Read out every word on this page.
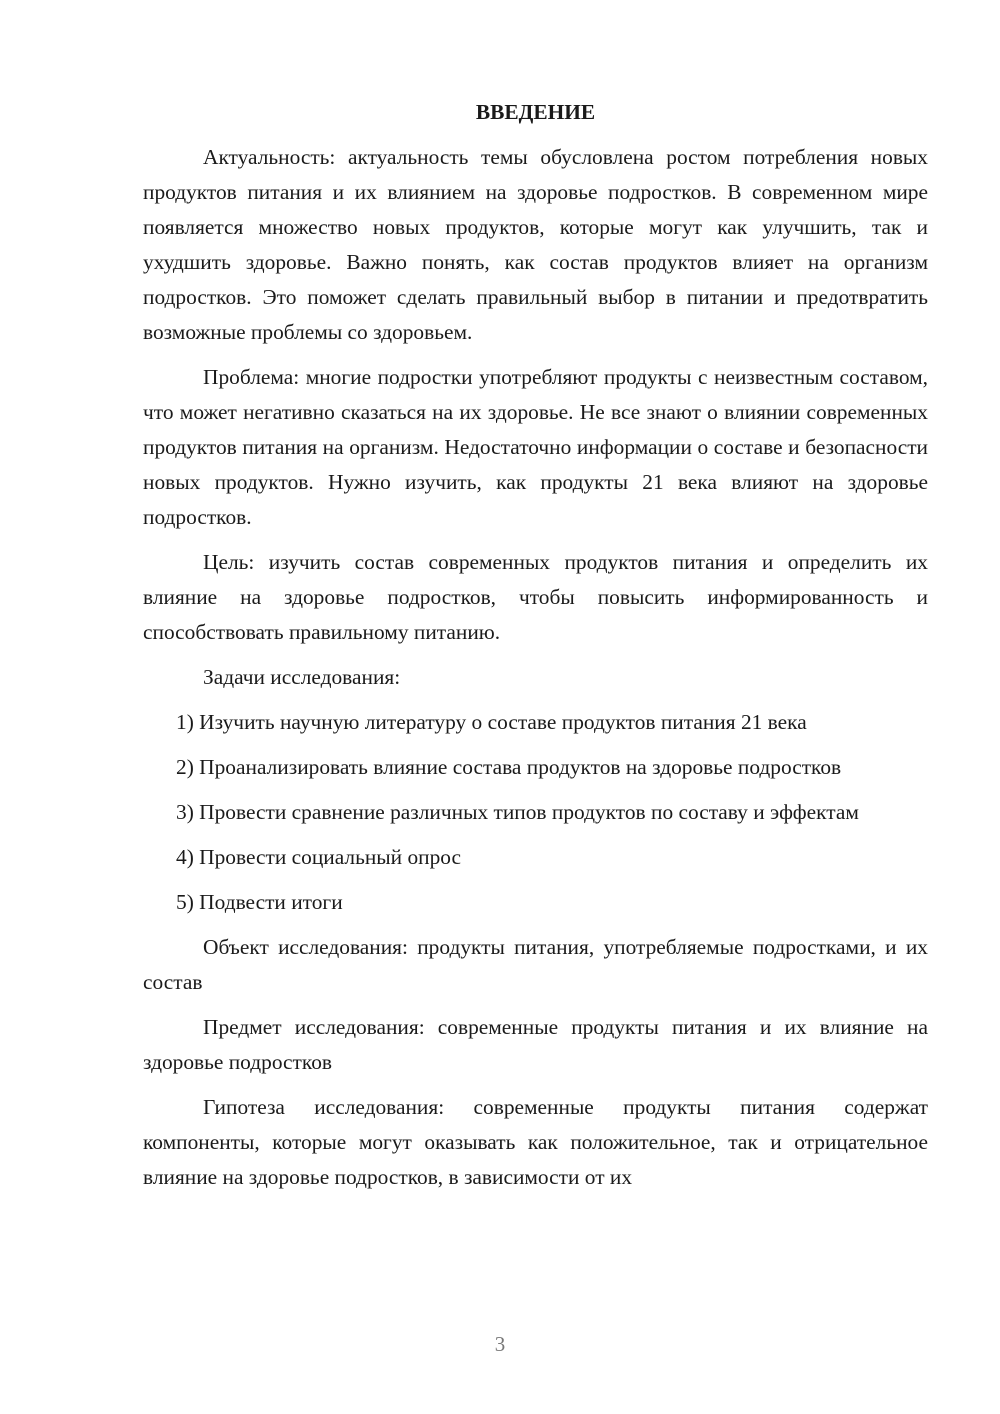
ВВЕДЕНИЕ

Актуальность: актуальность темы обусловлена ростом потребления новых продуктов питания и их влиянием на здоровье подростков. В современном мире появляется множество новых продуктов, которые могут как улучшить, так и ухудшить здоровье. Важно понять, как состав продуктов влияет на организм подростков. Это поможет сделать правильный выбор в питании и предотвратить возможные проблемы со здоровьем.

Проблема: многие подростки употребляют продукты с неизвестным составом, что может негативно сказаться на их здоровье. Не все знают о влиянии современных продуктов питания на организм. Недостаточно информации о составе и безопасности новых продуктов. Нужно изучить, как продукты 21 века влияют на здоровье подростков.

Цель: изучить состав современных продуктов питания и определить их влияние на здоровье подростков, чтобы повысить информированность и способствовать правильному питанию.

Задачи исследования:

1) Изучить научную литературу о составе продуктов питания 21 века

2) Проанализировать влияние состава продуктов на здоровье подростков

3) Провести сравнение различных типов продуктов по составу и эффектам

4) Провести социальный опрос

5) Подвести итоги

Объект исследования: продукты питания, употребляемые подростками, и их состав

Предмет исследования: современные продукты питания и их влияние на здоровье подростков

Гипотеза исследования: современные продукты питания содержат компоненты, которые могут оказывать как положительное, так и отрицательное влияние на здоровье подростков, в зависимости от их

3
